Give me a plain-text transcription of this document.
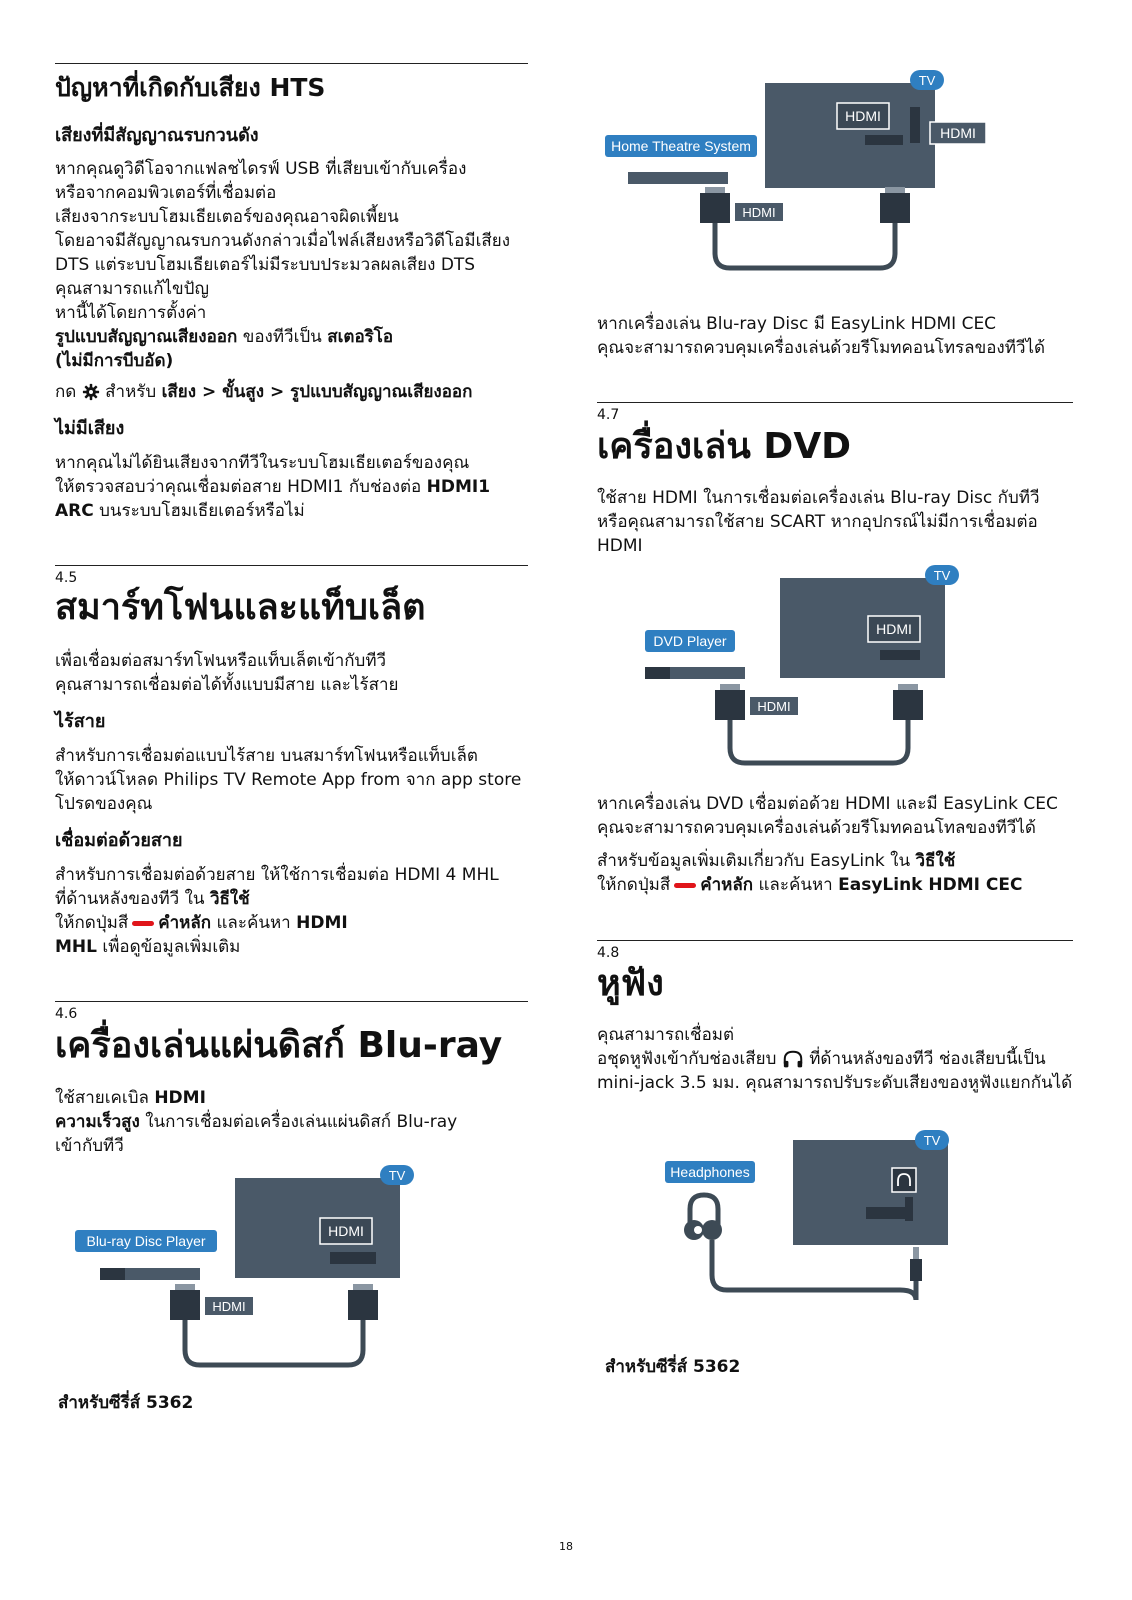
ปัญหาที่เกิดกับเสียง HTS
เสียงที่มีสัญญาณรบกวนดัง
หากคุณดูวิดีโอจากแฟลชไดรฟ์ USB ที่เสียบเข้ากับเครื่อง
หรือจากคอมพิวเตอร์ที่เชื่อมต่อ
เสียงจากระบบโฮมเธียเตอร์ของคุณอาจผิดเพี้ยน
โดยอาจมีสัญญาณรบกวนดังกล่าวเมื่อไฟล์เสียงหรือวิดีโอมีเสียง
DTS แต่ระบบโฮมเธียเตอร์ไม่มีระบบประมวลผลเสียง DTS
คุณสามารถแก้ไขปัญ
หานี้ได้โดยการตั้งค่า
รูปแบบสัญญาณเสียงออก ของทีวีเป็น สเตอริโอ
(ไม่มีการบีบอัด)
กด สำหรับ เสียง > ขั้นสูง > รูปแบบสัญญาณเสียงออก
ไม่มีเสียง
หากคุณไม่ได้ยินเสียงจากทีวีในระบบโฮมเธียเตอร์ของคุณ
ให้ตรวจสอบว่าคุณเชื่อมต่อสาย HDMI1 กับช่องต่อ HDMI1
ARC บนระบบโฮมเธียเตอร์หรือไม่
4.5
สมาร์ทโฟนและแท็บเล็ต
เพื่อเชื่อมต่อสมาร์ทโฟนหรือแท็บเล็ตเข้ากับทีวี
คุณสามารถเชื่อมต่อได้ทั้งแบบมีสาย และไร้สาย
ไร้สาย
สำหรับการเชื่อมต่อแบบไร้สาย บนสมาร์ทโฟนหรือแท็บเล็ต
ให้ดาวน์โหลด Philips TV Remote App from จาก app store
โปรดของคุณ
เชื่อมต่อด้วยสาย
สำหรับการเชื่อมต่อด้วยสาย ให้ใช้การเชื่อมต่อ HDMI 4 MHL
ที่ด้านหลังของทีวี ใน วิธีใช้
ให้กดปุ่มสี คำหลัก และค้นหา HDMI
MHL เพื่อดูข้อมูลเพิ่มเติม
4.6
เครื่องเล่นแผ่นดิสก์ Blu-ray
ใช้สายเคเบิล HDMI
ความเร็วสูง ในการเชื่อมต่อเครื่องเล่นแผ่นดิสก์ Blu-ray
เข้ากับทีวี
TV
HDMI
Blu-ray Disc Player
HDMI
สำหรับซีรี่ส์ 5362
TV
HDMI
HDMI
Home Theatre System
HDMI
หากเครื่องเล่น Blu-ray Disc มี EasyLink HDMI CEC
คุณจะสามารถควบคุมเครื่องเล่นด้วยรีโมทคอนโทรลของทีวีได้
4.7
เครื่องเล่น DVD
ใช้สาย HDMI ในการเชื่อมต่อเครื่องเล่น Blu-ray Disc กับทีวี
หรือคุณสามารถใช้สาย SCART หากอุปกรณ์ไม่มีการเชื่อมต่อ
HDMI
TV
HDMI
DVD Player
HDMI
หากเครื่องเล่น DVD เชื่อมต่อด้วย HDMI และมี EasyLink CEC
คุณจะสามารถควบคุมเครื่องเล่นด้วยรีโมทคอนโทลของทีวีได้
สำหรับข้อมูลเพิ่มเติมเกี่ยวกับ EasyLink ใน วิธีใช้
ให้กดปุ่มสี คำหลัก และค้นหา EasyLink HDMI CEC
4.8
หูฟัง
คุณสามารถเชื่อมต่
อชุดหูฟังเข้ากับช่องเสียบ ที่ด้านหลังของทีวี ช่องเสียบนี้เป็น
mini-jack 3.5 มม. คุณสามารถปรับระดับเสียงของหูฟังแยกกันได้
TV
Headphones
สำหรับซีรี่ส์ 5362
18
